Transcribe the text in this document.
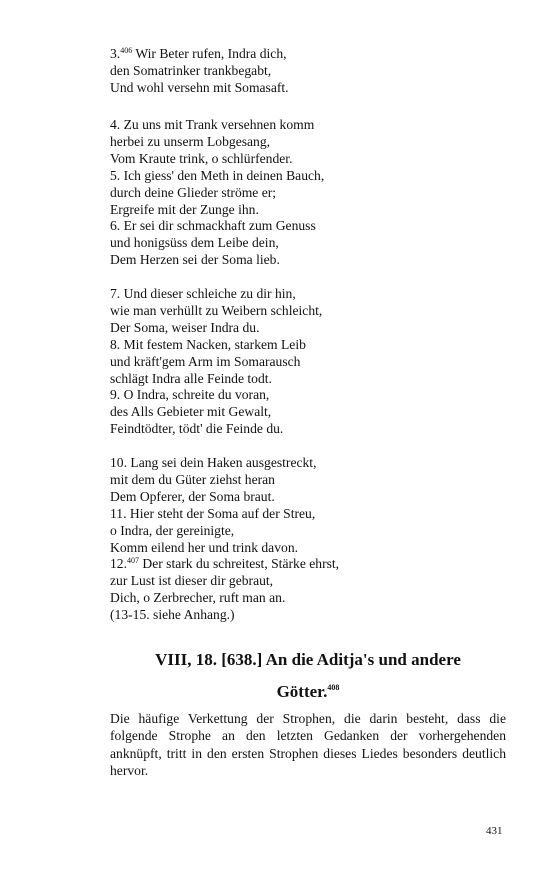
3.$^{406}$ Wir Beter rufen, Indra dich,
den Somatrinker trankbegabt,
Und wohl versehn mit Somasaft.
4. Zu uns mit Trank versehnen komm
herbei zu unserm Lobgesang,
Vom Kraute trink, o schlürfender.
5. Ich giess' den Meth in deinen Bauch,
durch deine Glieder ströme er;
Ergreife mit der Zunge ihn.
6. Er sei dir schmackhaft zum Genuss
und honigsüss dem Leibe dein,
Dem Herzen sei der Soma lieb.
7. Und dieser schleiche zu dir hin,
wie man verhüllt zu Weibern schleicht,
Der Soma, weiser Indra du.
8. Mit festem Nacken, starkem Leib
und kräft'gem Arm im Somarausch
schlägt Indra alle Feinde todt.
9. O Indra, schreite du voran,
des Alls Gebieter mit Gewalt,
Feindtödter, tödt' die Feinde du.
10. Lang sei dein Haken ausgestreckt,
mit dem du Güter ziehst heran
Dem Opferer, der Soma braut.
11. Hier steht der Soma auf der Streu,
o Indra, der gereinigte,
Komm eilend her und trink davon.
12.$^{407}$ Der stark du schreitest, Stärke ehrst,
zur Lust ist dieser dir gebraut,
Dich, o Zerbrecher, ruft man an.
(13-15. siehe Anhang.)
VIII, 18. [638.] An die Aditja's und andere
Götter.$^{408}$
Die häufige Verkettung der Strophen, die darin besteht, dass die folgende Strophe an den letzten Gedanken der vorhergehenden anknüpft, tritt in den ersten Strophen dieses Liedes besonders deutlich hervor.
431
